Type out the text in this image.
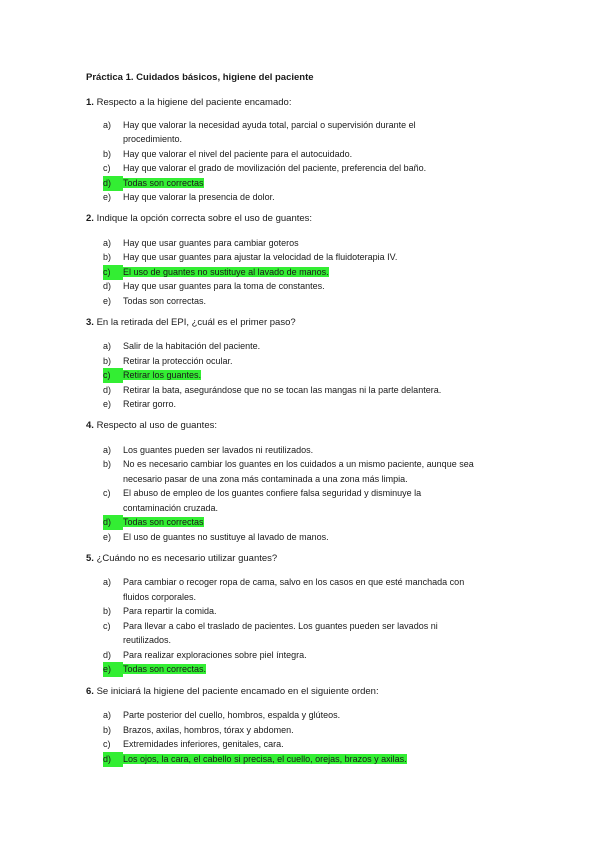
Práctica 1. Cuidados básicos, higiene del paciente
1. Respecto a la higiene del paciente encamado:
a) Hay que valorar la necesidad ayuda total, parcial o supervisión durante el
procedimiento.
b) Hay que valorar el nivel del paciente para el autocuidado.
c) Hay que valorar el grado de movilización del paciente, preferencia del baño.
d) Todas son correctas
e) Hay que valorar la presencia de dolor.
2. Indique la opción correcta sobre el uso de guantes:
a) Hay que usar guantes para cambiar goteros
b) Hay que usar guantes para ajustar la velocidad de la fluidoterapia IV.
c) El uso de guantes no sustituye al lavado de manos.
d) Hay que usar guantes para la toma de constantes.
e) Todas son correctas.
3. En la retirada del EPI, ¿cuál es el primer paso?
a) Salir de la habitación del paciente.
b) Retirar la protección ocular.
c) Retirar los guantes.
d) Retirar la bata, asegurándose que no se tocan las mangas ni la parte delantera.
e) Retirar gorro.
4. Respecto al uso de guantes:
a) Los guantes pueden ser lavados ni reutilizados.
b) No es necesario cambiar los guantes en los cuidados a un mismo paciente, aunque sea
necesario pasar de una zona más contaminada a una zona más limpia.
c) El abuso de empleo de los guantes confiere falsa seguridad y disminuye la
contaminación cruzada.
d) Todas son correctas
e) El uso de guantes no sustituye al lavado de manos.
5. ¿Cuándo no es necesario utilizar guantes?
a) Para cambiar o recoger ropa de cama, salvo en los casos en que esté manchada con
fluidos corporales.
b) Para repartir la comida.
c) Para llevar a cabo el traslado de pacientes. Los guantes pueden ser lavados ni
reutilizados.
d) Para realizar exploraciones sobre piel íntegra.
e) Todas son correctas.
6. Se iniciará la higiene del paciente encamado en el siguiente orden:
a) Parte posterior del cuello, hombros, espalda y glúteos.
b) Brazos, axilas, hombros, tórax y abdomen.
c) Extremidades inferiores, genitales, cara.
d) Los ojos, la cara, el cabello si precisa, el cuello, orejas, brazos y axilas.
